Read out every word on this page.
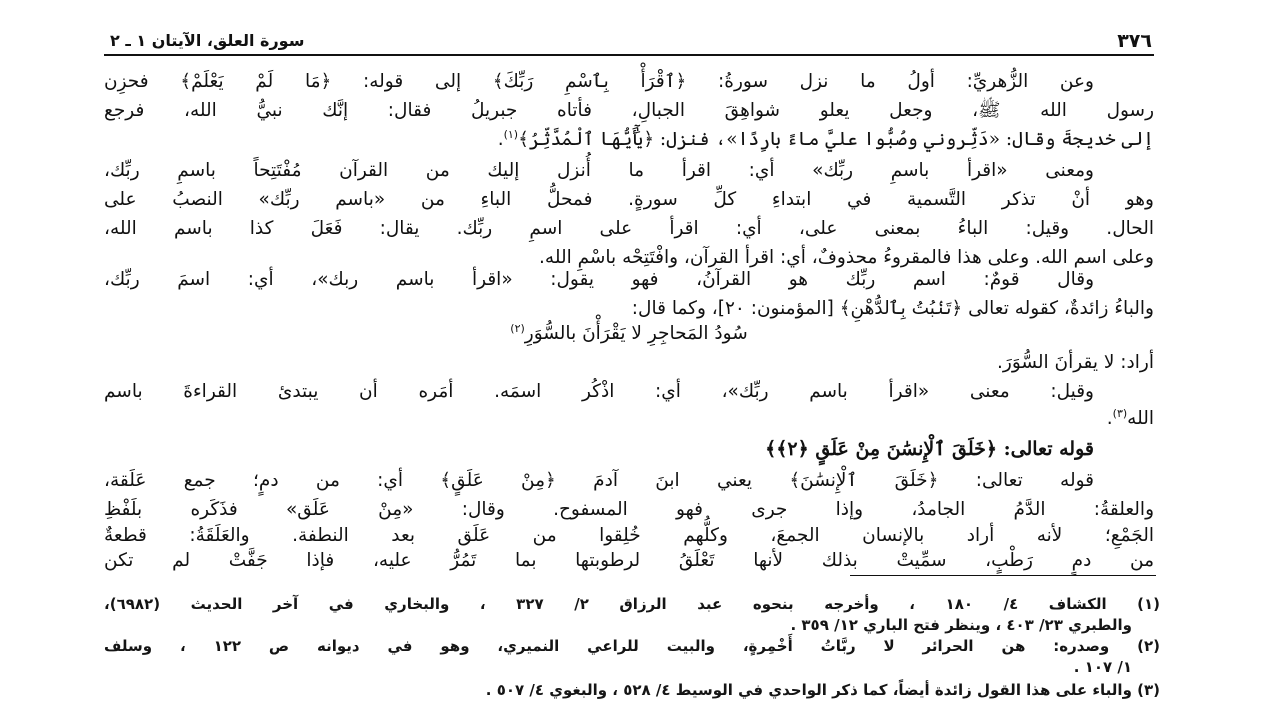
٣٧٦
سورة العلق، الآيتان ١ ـ ٢
وعن الزُّهريِّ: أولُ ما نزل سورةُ: ﴿ٱقْرَأْ بِٱسْمِ رَبِّكَ﴾ إلى قوله: ﴿مَا لَمْ يَعْلَمْ﴾ فحزِن
رسول الله ﷺ، وجعل يعلو شواهِقَ الجبالِ، فأتاه جبريلُ فقال: إنَّك نبيُّ الله، فرجع
إلى خديجةَ وقال: «دَثِّروني وصُبُّوا عليَّ ماءً بارِدًا»، فنزل: ﴿يَٰٓأَيُّهَا ٱلْمُدَّثِّرُ﴾$^{(١)}$.
ومعنى «اقرأ باسمِ ربِّك» أي: اقرأ ما أُنزل إليك من القرآن مُفْتَتِحاً باسمِ ربِّك،
وهو أنْ تذكر التَّسمية في ابتداءِ كلِّ سورةٍ. فمحلُّ الباءِ من «باسم ربِّك» النصبُ على
الحال. وقيل: الباءُ بمعنى على، أي: اقرأ على اسمِ ربِّك. يقال: فَعَلَ كذا باسم الله،
وعلى اسم الله. وعلى هذا فالمقروءُ محذوفٌ، أي: اقرأ القرآن، وافْتَتِحْه باسْمِ الله.
وقال قومٌ: اسم ربِّك هو القرآنُ، فهو يقول: «اقرأ باسم ربك»، أي: اسمَ ربِّك،
والباءُ زائدةٌ، كقوله تعالى ﴿تَنۢبُتُ بِٱلدُّهْنِ﴾ [المؤمنون: ٢٠]، وكما قال:
سُودُ المَحاجِرِ لا يَقْرَأْنَ بالسُّوَرِ$^{(٢)}$
أراد: لا يقرأنَ السُّوَرَ.
وقيل: معنى «اقرأ باسم ربِّك»، أي: اذْكُر اسمَه. أمَره أن يبتدئ القراءةَ باسم
الله$^{(٣)}$.
قوله تعالى: ﴿خَلَقَ ٱلْإِنسَٰنَ مِنْ عَلَقٍ ﴿٢﴾﴾
قوله تعالى: ﴿خَلَقَ ٱلْإِنسَٰنَ﴾ يعني ابنَ آدمَ ﴿مِنْ عَلَقٍ﴾ أي: من دمٍ؛ جمع عَلَقة،
والعلقةُ: الدَّمُ الجامدُ، وإذا جرى فهو المسفوح. وقال: «مِنْ عَلَق» فذَكَره بلَفْظِ
الجَمْعِ؛ لأنه أراد بالإنسان الجمعَ، وكلُّهم خُلِقوا من عَلَق بعد النطفة. والعَلَقَةُ: قطعةٌ
من دمٍ رَطْبٍ، سمِّيتْ بذلك لأنها تَعْلَقُ لرطوبتها بما تَمُرُّ عليه، فإذا جَفَّتْ لم تكن
(١) الكشاف ٤/ ١٨٠ ، وأخرجه بنحوه عبد الرزاق ٢/ ٣٢٧ ، والبخاري في آخر الحديث (٦٩٨٢)،
والطبري ٢٣/ ٤٠٣ ، وينظر فتح الباري ١٢/ ٣٥٩ .
(٢) وصدره: هن الحرائر لا ربَّاتُ أَخْمِرةٍ، والبيت للراعي النميري، وهو في ديوانه ص ١٢٢ ، وسلف
١/ ١٠٧ .
(٣) والباء على هذا القول زائدة أيضاً، كما ذكر الواحدي في الوسيط ٤/ ٥٢٨ ، والبغوي ٤/ ٥٠٧ .
